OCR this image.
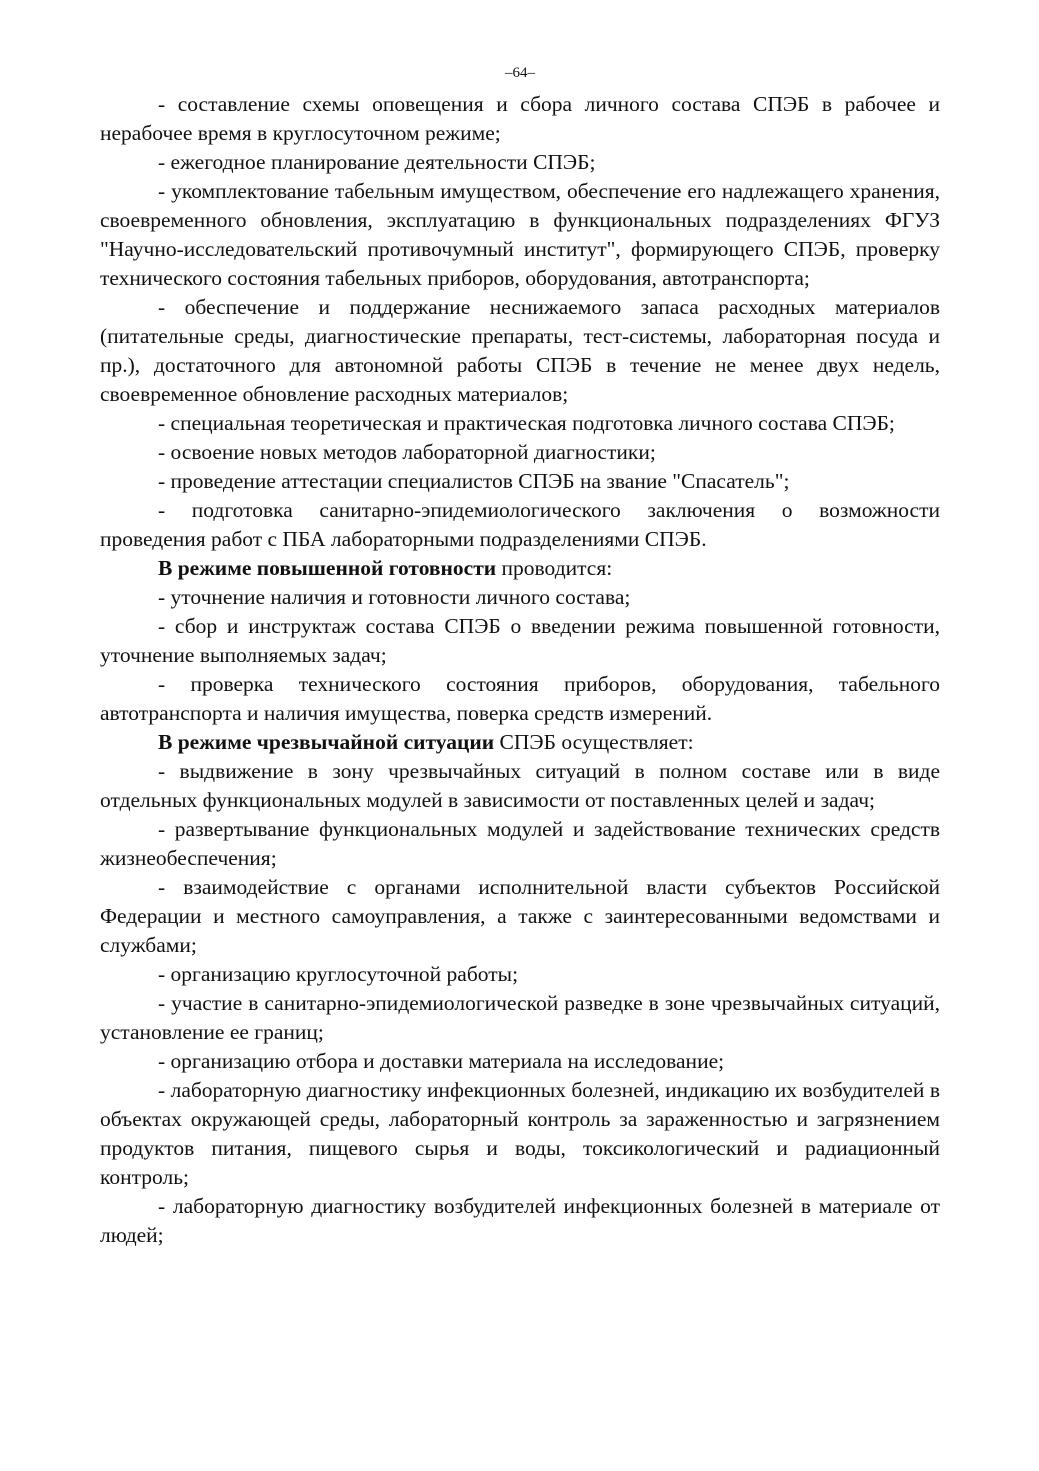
–64–

- составление схемы оповещения и сбора личного состава СПЭБ в рабочее и нерабочее время в круглосуточном режиме;

- ежегодное планирование деятельности СПЭБ;

- укомплектование табельным имуществом, обеспечение его надлежащего хранения, своевременного обновления, эксплуатацию в функциональных подразделениях ФГУЗ "Научно-исследовательский противочумный институт", формирующего СПЭБ, проверку технического состояния табельных приборов, оборудования, автотранспорта;

- обеспечение и поддержание неснижаемого запаса расходных материалов (питательные среды, диагностические препараты, тест-системы, лабораторная посуда и пр.), достаточного для автономной работы СПЭБ в течение не менее двух недель, своевременное обновление расходных материалов;

- специальная теоретическая и практическая подготовка личного состава СПЭБ;

- освоение новых методов лабораторной диагностики;

- проведение аттестации специалистов СПЭБ на звание "Спасатель";

- подготовка санитарно-эпидемиологического заключения о возможности проведения работ с ПБА лабораторными подразделениями СПЭБ.

В режиме повышенной готовности проводится:

- уточнение наличия и готовности личного состава;

- сбор и инструктаж состава СПЭБ о введении режима повышенной готовности, уточнение выполняемых задач;

- проверка технического состояния приборов, оборудования, табельного автотранспорта и наличия имущества, поверка средств измерений.

В режиме чрезвычайной ситуации СПЭБ осуществляет:

- выдвижение в зону чрезвычайных ситуаций в полном составе или в виде отдельных функциональных модулей в зависимости от поставленных целей и задач;

- развертывание функциональных модулей и задействование технических средств жизнеобеспечения;

- взаимодействие с органами исполнительной власти субъектов Российской Федерации и местного самоуправления, а также с заинтересованными ведомствами и службами;

- организацию круглосуточной работы;

- участие в санитарно-эпидемиологической разведке в зоне чрезвычайных ситуаций, установление ее границ;

- организацию отбора и доставки материала на исследование;

- лабораторную диагностику инфекционных болезней, индикацию их возбудителей в объектах окружающей среды, лабораторный контроль за зараженностью и загрязнением продуктов питания, пищевого сырья и воды, токсикологический и радиационный контроль;

- лабораторную диагностику возбудителей инфекционных болезней в материале от людей;
